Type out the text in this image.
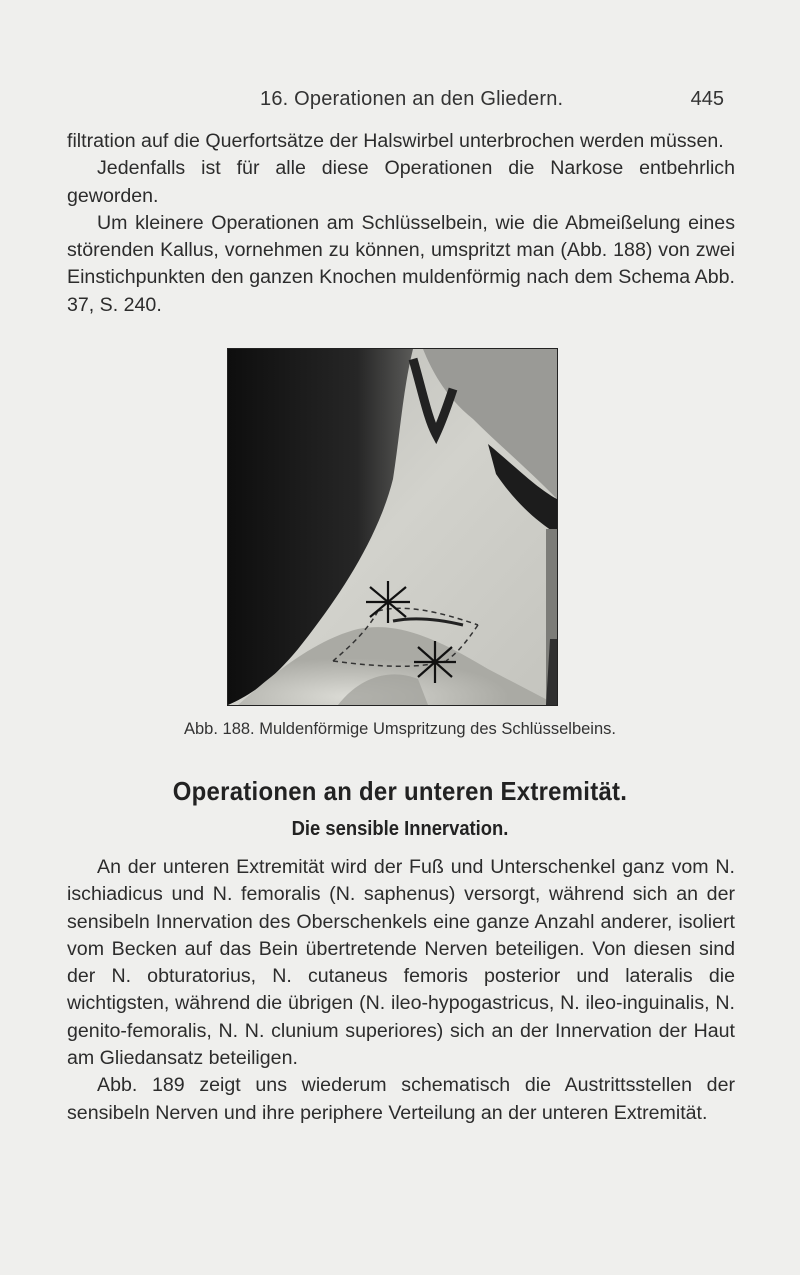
16. Operationen an den Gliedern.	445

filtration auf die Querfortsätze der Halswirbel unterbrochen werden müssen.

Jedenfalls ist für alle diese Operationen die Narkose entbehrlich geworden.

Um kleinere Operationen am Schlüsselbein, wie die Abmeißelung eines störenden Kallus, vornehmen zu können, umspritzt man (Abb. 188) von zwei Einstichpunkten den ganzen Knochen muldenförmig nach dem Schema Abb. 37, S. 240.

Abb. 188. Muldenförmige Umspritzung des Schlüsselbeins.
Operationen an der unteren Extremität.
Die sensible Innervation.

An der unteren Extremität wird der Fuß und Unterschenkel ganz vom N. ischiadicus und N. femoralis (N. saphenus) versorgt, während sich an der sensibeln Innervation des Oberschenkels eine ganze Anzahl anderer, isoliert vom Becken auf das Bein übertretende Nerven beteiligen. Von diesen sind der N. obturatorius, N. cutaneus femoris posterior und lateralis die wichtigsten, während die übrigen (N. ileo-hypogastricus, N. ileo-inguinalis, N. genito-femoralis, N. N. clunium superiores) sich an der Innervation der Haut am Gliedansatz beteiligen.

Abb. 189 zeigt uns wiederum schematisch die Austrittsstellen der sensibeln Nerven und ihre periphere Verteilung an der unteren Extremität.
